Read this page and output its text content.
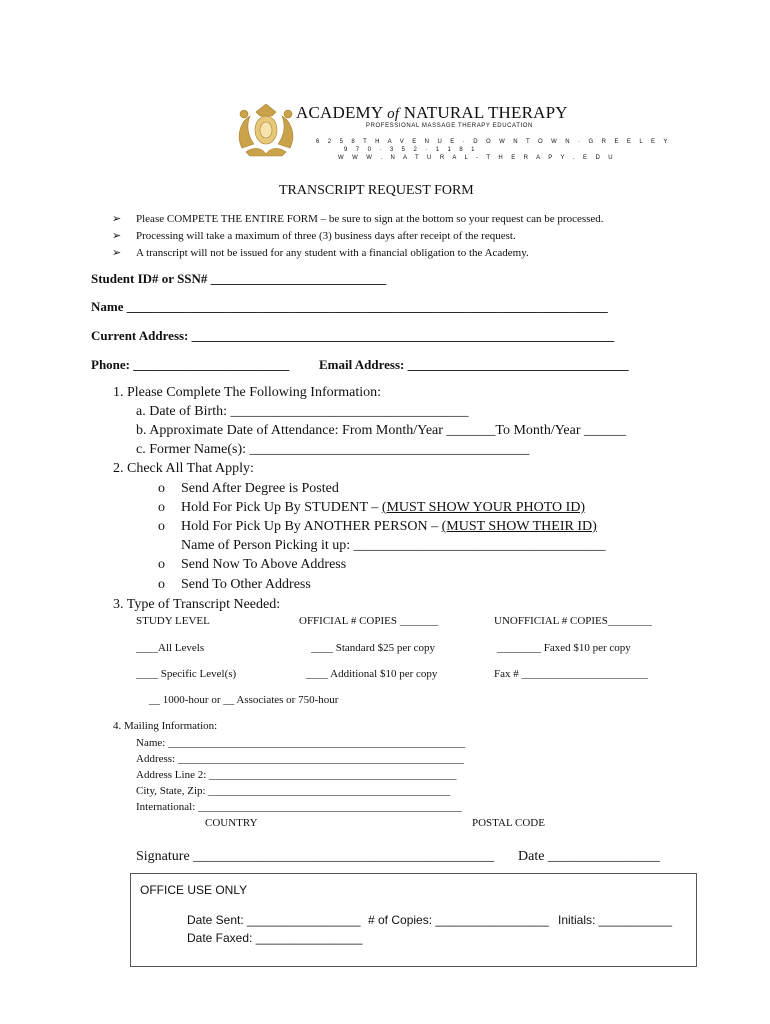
ACADEMY of NATURAL THERAPY
PROFESSIONAL MASSAGE THERAPY EDUCATION
6 2 5 8 T H A V E N U E · D O W N T O W N · G R E E L E Y
9 7 0 · 3 5 2 · 1 1 8 1
W W W . N A T U R A L - T H E R A P Y . E D U
TRANSCRIPT REQUEST FORM
➢ Please COMPETE THE ENTIRE FORM – be sure to sign at the bottom so your request can be processed.
➢ Processing will take a maximum of three (3) business days after receipt of the request.
➢ A transcript will not be issued for any student with a financial obligation to the Academy.
Student ID# or SSN# ___________________________
Name __________________________________________________________________________
Current Address: _________________________________________________________________
Phone: ________________________ Email Address: __________________________________
1. Please Complete The Following Information:
a. Date of Birth: __________________________________
b. Approximate Date of Attendance: From Month/Year _______To Month/Year ______
c. Former Name(s): ________________________________________
2. Check All That Apply:
o Send After Degree is Posted
o Hold For Pick Up By STUDENT – (MUST SHOW YOUR PHOTO ID)
o Hold For Pick Up By ANOTHER PERSON – (MUST SHOW THEIR ID)
Name of Person Picking it up: ____________________________________
o Send Now To Above Address
o Send To Other Address
3. Type of Transcript Needed:
STUDY LEVEL	OFFICIAL # COPIES _______	UNOFFICIAL # COPIES________
____All Levels	____ Standard $25 per copy	________ Faxed $10 per copy
____ Specific Level(s)	____ Additional $10 per copy	Fax # _______________________
__ 1000-hour or __ Associates or 750-hour
4. Mailing Information:
Name: ______________________________________________________
Address: ____________________________________________________
Address Line 2: _____________________________________________
City, State, Zip: ____________________________________________
International: ________________________________________________
COUNTRY	POSTAL CODE
Signature ___________________________________________ Date ________________
OFFICE USE ONLY
Date Sent: _________________ # of Copies: _________________ Initials: ___________
Date Faxed: ________________
